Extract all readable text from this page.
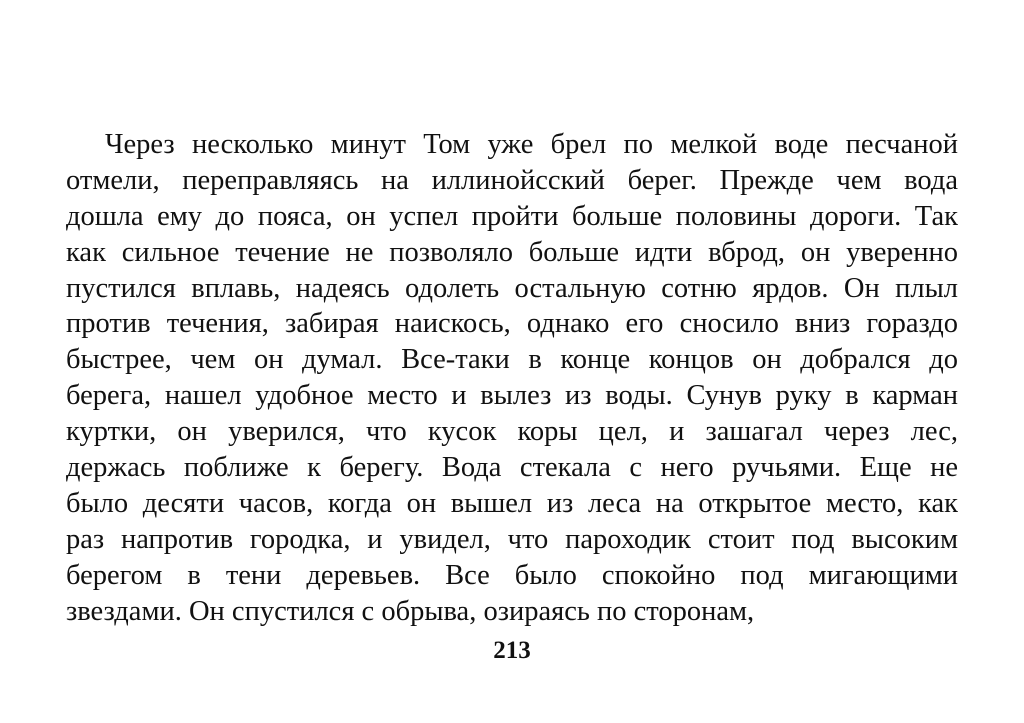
Через несколько минут Том уже брел по мелкой воде песчаной
отмели, переправляясь на иллинойсский берег. Прежде чем вода
дошла ему до пояса, он успел пройти больше половины дороги. Так
как сильное течение не позволяло больше идти вброд, он уверенно
пустился вплавь, надеясь одолеть остальную сотню ярдов. Он плыл
против течения, забирая наискось, однако его сносило вниз гораздо
быстрее, чем он думал. Все-таки в конце концов он добрался до
берега, нашел удобное место и вылез из воды. Сунув руку в карман
куртки, он уверился, что кусок коры цел, и зашагал через лес,
держась поближе к берегу. Вода стекала с него ручьями. Еще не
было десяти часов, когда он вышел из леса на открытое место, как
раз напротив городка, и увидел, что пароходик стоит под высоким
берегом в тени деревьев. Все было спокойно под мигающими
звездами. Он спустился с обрыва, озираясь по сторонам,
213
